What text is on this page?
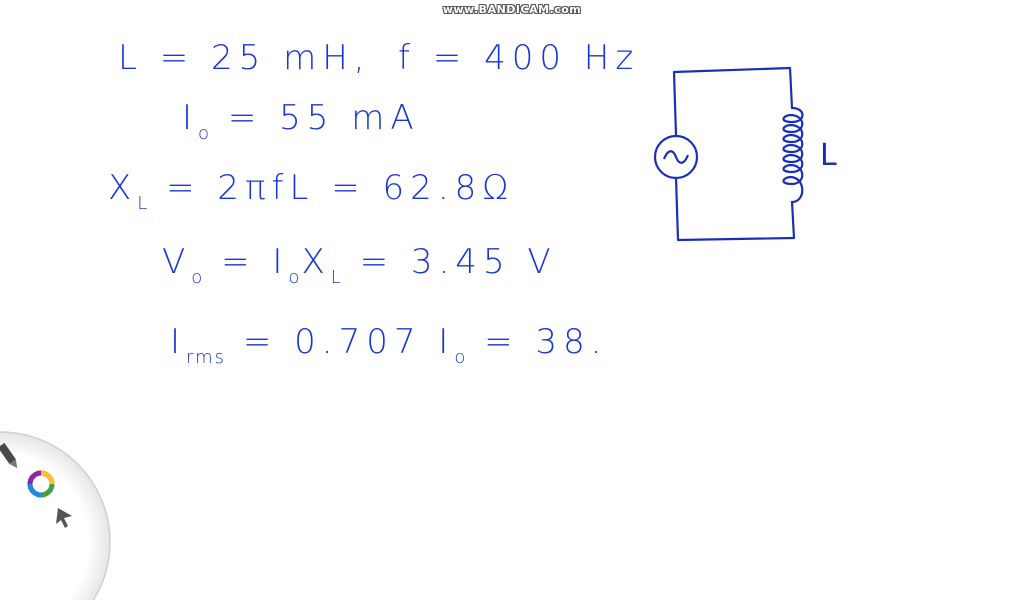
www.BANDICAM.com
L = 25 mH, f = 400 Hz
$I_o = 55$ mA
$X_L = 2\pi fL = 62.8\Omega$
$V_o = I_oX_L = 3.45$ V
$I_{rms} = 0.707$ $I_o = 38$.
L
